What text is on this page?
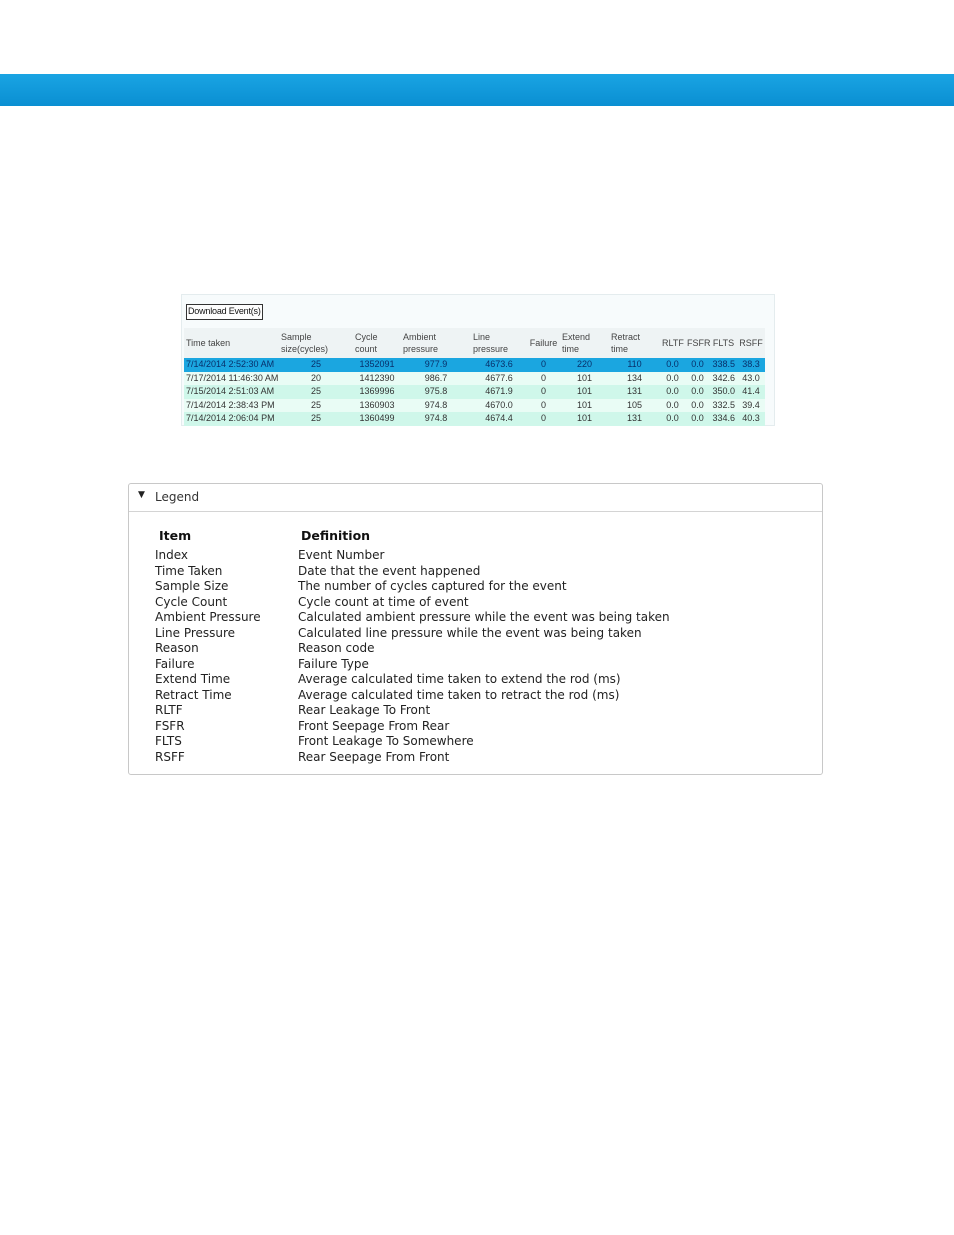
Download Event(s)
Time taken	Sample size(cycles)	Cycle count	Ambient pressure	Line pressure	Failure	Extend time	Retract time	RLTF	FSFR	FLTS	RSFF
7/14/2014 2:52:30 AM	25	1352091	977.9	4673.6	0	220	110	0.0	0.0	338.5	38.3
7/17/2014 11:46:30 AM	20	1412390	986.7	4677.6	0	101	134	0.0	0.0	342.6	43.0
7/15/2014 2:51:03 AM	25	1369996	975.8	4671.9	0	101	131	0.0	0.0	350.0	41.4
7/14/2014 2:38:43 PM	25	1360903	974.8	4670.0	0	101	105	0.0	0.0	332.5	39.4
7/14/2014 2:06:04 PM	25	1360499	974.8	4674.4	0	101	131	0.0	0.0	334.6	40.3
▼ Legend
Item	Definition
Index	Event Number
Time Taken	Date that the event happened
Sample Size	The number of cycles captured for the event
Cycle Count	Cycle count at time of event
Ambient Pressure	Calculated ambient pressure while the event was being taken
Line Pressure	Calculated line pressure while the event was being taken
Reason	Reason code
Failure	Failure Type
Extend Time	Average calculated time taken to extend the rod (ms)
Retract Time	Average calculated time taken to retract the rod (ms)
RLTF	Rear Leakage To Front
FSFR	Front Seepage From Rear
FLTS	Front Leakage To Somewhere
RSFF	Rear Seepage From Front
